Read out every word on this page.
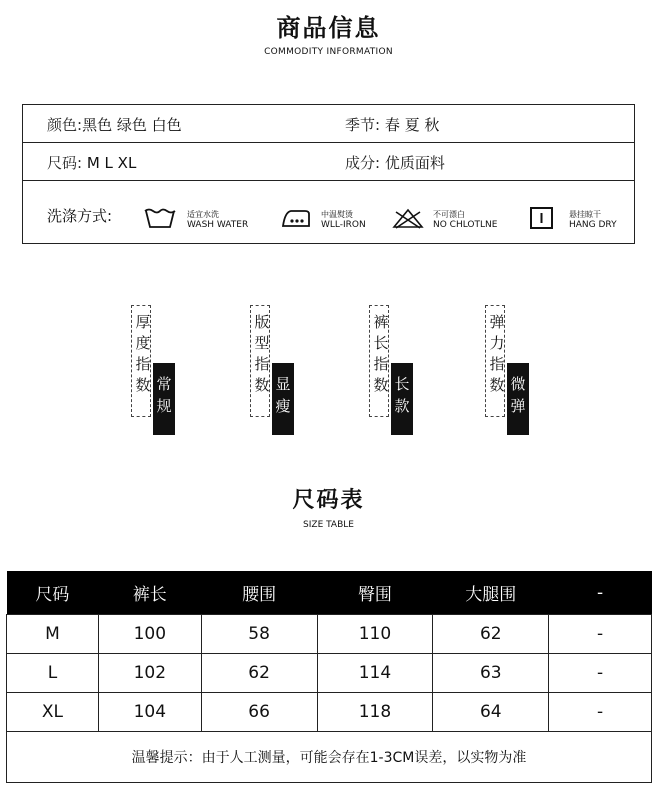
商品信息
COMMODITY INFORMATION
颜色:黑色 绿色 白色	季节: 春 夏 秋
尺码: M L XL	成分: 优质面料
洗涤方式:	适宜水洗
WASH WATER
中温熨烫
WLL-IRON
不可漂白
NO CHLOTLNE
悬挂晾干
HANG DRY
厚度指数 常规
版型指数 显瘦
裤长指数 长款
弹力指数 微弹
尺码表
SIZE TABLE
尺码	裤长	腰围	臀围	大腿围	-
M	100	58	110	62	-
L	102	62	114	63	-
XL	104	66	118	64	-
温馨提示：由于人工测量，可能会存在1-3CM误差，以实物为准					
